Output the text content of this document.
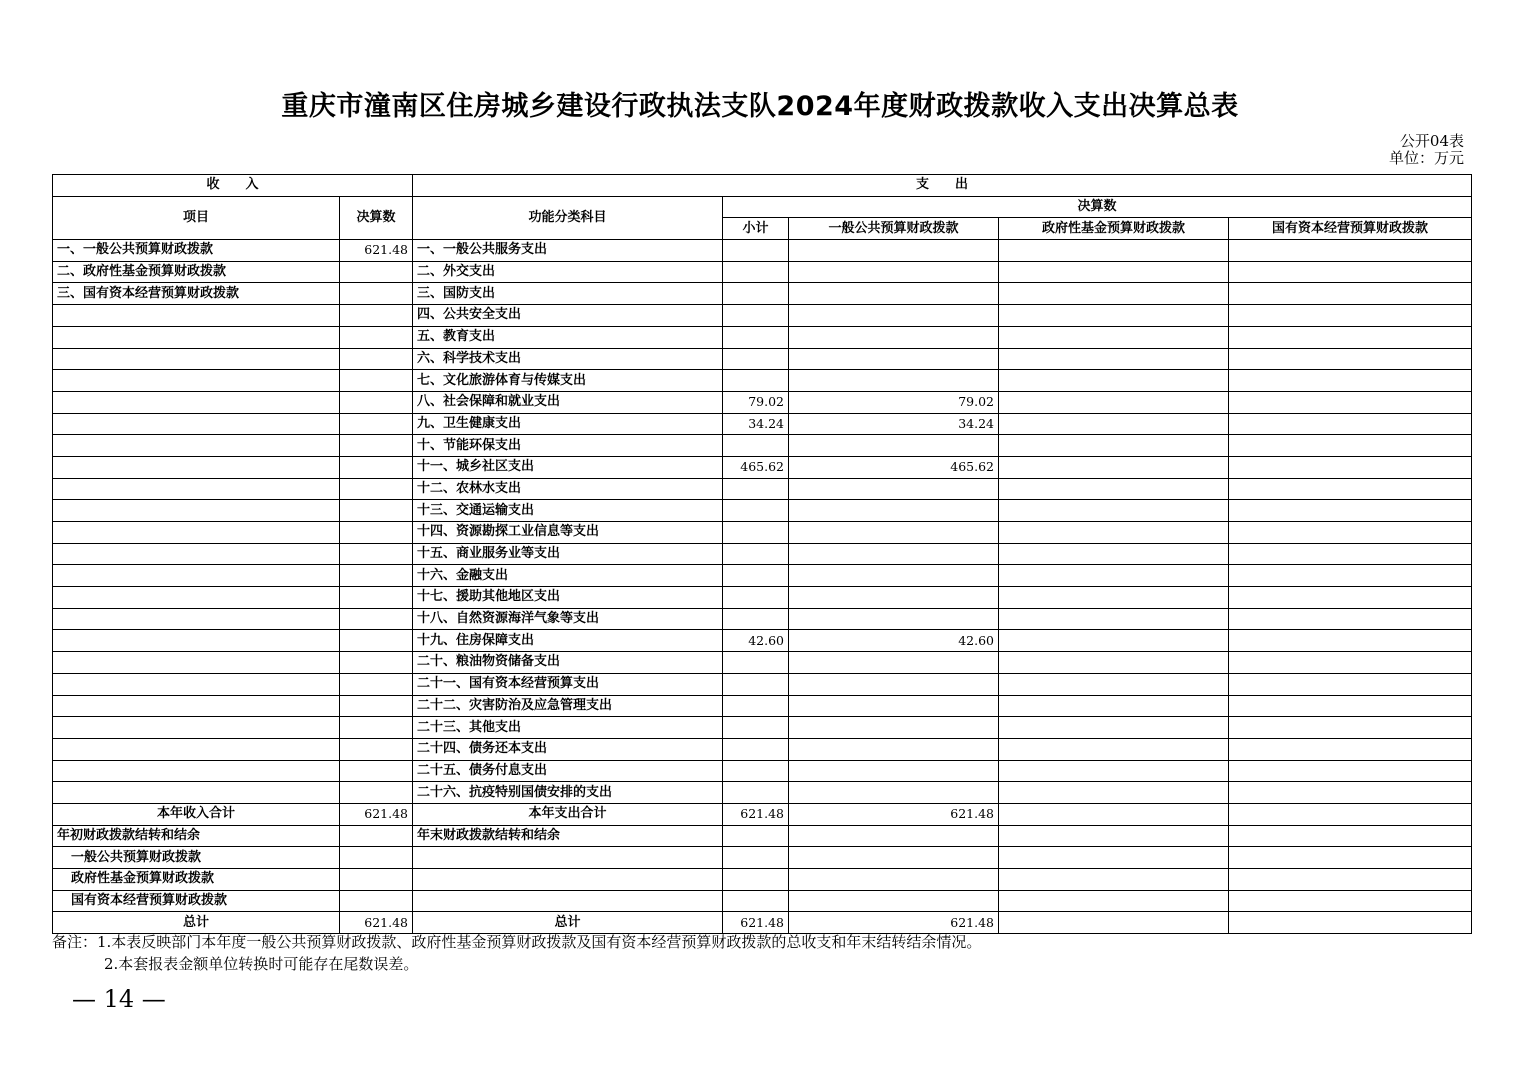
重庆市潼南区住房城乡建设行政执法支队2024年度财政拨款收入支出决算总表
公开04表
单位：万元
收　　入		支　　出				
项目	决算数	功能分类科目	决算数			
			小计	一般公共预算财政拨款	政府性基金预算财政拨款	国有资本经营预算财政拨款
一、一般公共预算财政拨款	621.48	一、一般公共服务支出				
二、政府性基金预算财政拨款		二、外交支出				
三、国有资本经营预算财政拨款		三、国防支出				
		四、公共安全支出				
		五、教育支出				
		六、科学技术支出				
		七、文化旅游体育与传媒支出				
		八、社会保障和就业支出	79.02	79.02		
		九、卫生健康支出	34.24	34.24		
		十、节能环保支出				
		十一、城乡社区支出	465.62	465.62		
		十二、农林水支出				
		十三、交通运输支出				
		十四、资源勘探工业信息等支出				
		十五、商业服务业等支出				
		十六、金融支出				
		十七、援助其他地区支出				
		十八、自然资源海洋气象等支出				
		十九、住房保障支出	42.60	42.60		
		二十、粮油物资储备支出				
		二十一、国有资本经营预算支出				
		二十二、灾害防治及应急管理支出				
		二十三、其他支出				
		二十四、债务还本支出				
		二十五、债务付息支出				
		二十六、抗疫特别国债安排的支出				
本年收入合计	621.48	本年支出合计	621.48	621.48		
年初财政拨款结转和结余		年末财政拨款结转和结余				
一般公共预算财政拨款						
政府性基金预算财政拨款						
国有资本经营预算财政拨款						
总计	621.48	总计	621.48	621.48		
备注：1.本表反映部门本年度一般公共预算财政拨款、政府性基金预算财政拨款及国有资本经营预算财政拨款的总收支和年末结转结余情况。
2.本套报表金额单位转换时可能存在尾数误差。
— 14 —
